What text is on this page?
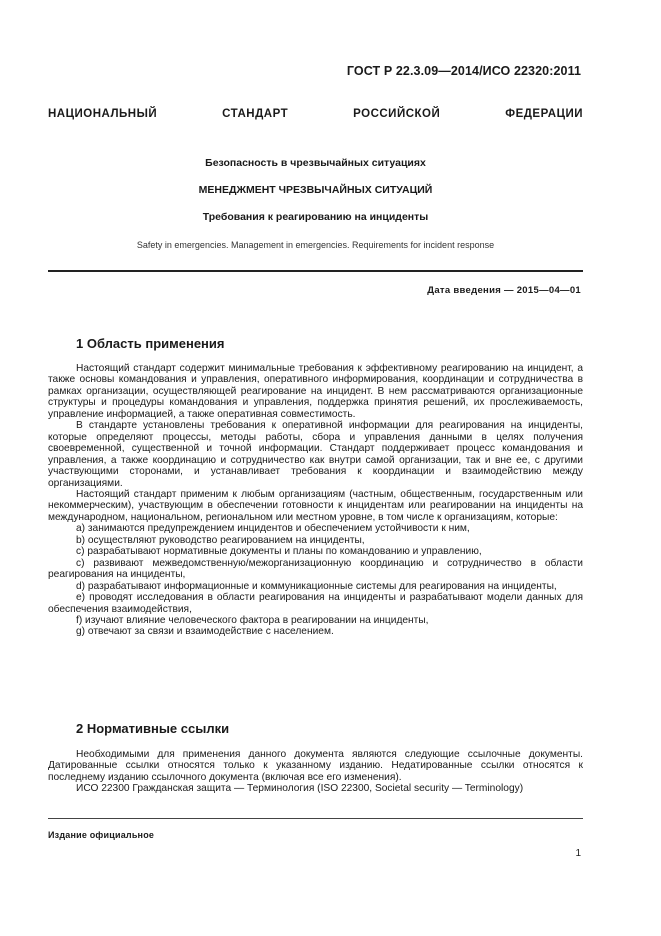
ГОСТ Р 22.3.09—2014/ИСО 22320:2011
НАЦИОНАЛЬНЫЙ СТАНДАРТ РОССИЙСКОЙ ФЕДЕРАЦИИ
Безопасность в чрезвычайных ситуациях
МЕНЕДЖМЕНТ ЧРЕЗВЫЧАЙНЫХ СИТУАЦИЙ
Требования к реагированию на инциденты
Safety in emergencies. Management in emergencies. Requirements for incident response
Дата введения — 2015—04—01
1 Область применения

Настоящий стандарт содержит минимальные требования к эффективному реагированию на инцидент, а также основы командования и управления, оперативного информирования, координации и сотрудничества в рамках организации, осуществляющей реагирование на инцидент. В нем рассматриваются организационные структуры и процедуры командования и управления, поддержка принятия решений, их прослеживаемость, управление информацией, а также оперативная совместимость.

В стандарте установлены требования к оперативной информации для реагирования на инциденты, которые определяют процессы, методы работы, сбора и управления данными в целях получения своевременной, существенной и точной информации. Стандарт поддерживает процесс командования и управления, а также координацию и сотрудничество как внутри самой организации, так и вне ее, с другими участвующими сторонами, и устанавливает требования к координации и взаимодействию между организациями.

Настоящий стандарт применим к любым организациям (частным, общественным, государственным или некоммерческим), участвующим в обеспечении готовности к инцидентам или реагировании на инциденты на международном, национальном, региональном или местном уровне, в том числе к организациям, которые:

a) занимаются предупреждением инцидентов и обеспечением устойчивости к ним,

b) осуществляют руководство реагированием на инциденты,

c) разрабатывают нормативные документы и планы по командованию и управлению,

c) развивают межведомственную/межорганизационную координацию и сотрудничество в области реагирования на инциденты,

d) разрабатывают информационные и коммуникационные системы для реагирования на инциденты,

e) проводят исследования в области реагирования на инциденты и разрабатывают модели данных для обеспечения взаимодействия,

f) изучают влияние человеческого фактора в реагировании на инциденты,

g) отвечают за связи и взаимодействие с населением.

2 Нормативные ссылки

Необходимыми для применения данного документа являются следующие ссылочные документы. Датированные ссылки относятся только к указанному изданию. Недатированные ссылки относятся к последнему изданию ссылочного документа (включая все его изменения).

ИСО 22300 Гражданская защита — Терминология (ISO 22300, Societal security — Terminology)

Издание официальное
1
